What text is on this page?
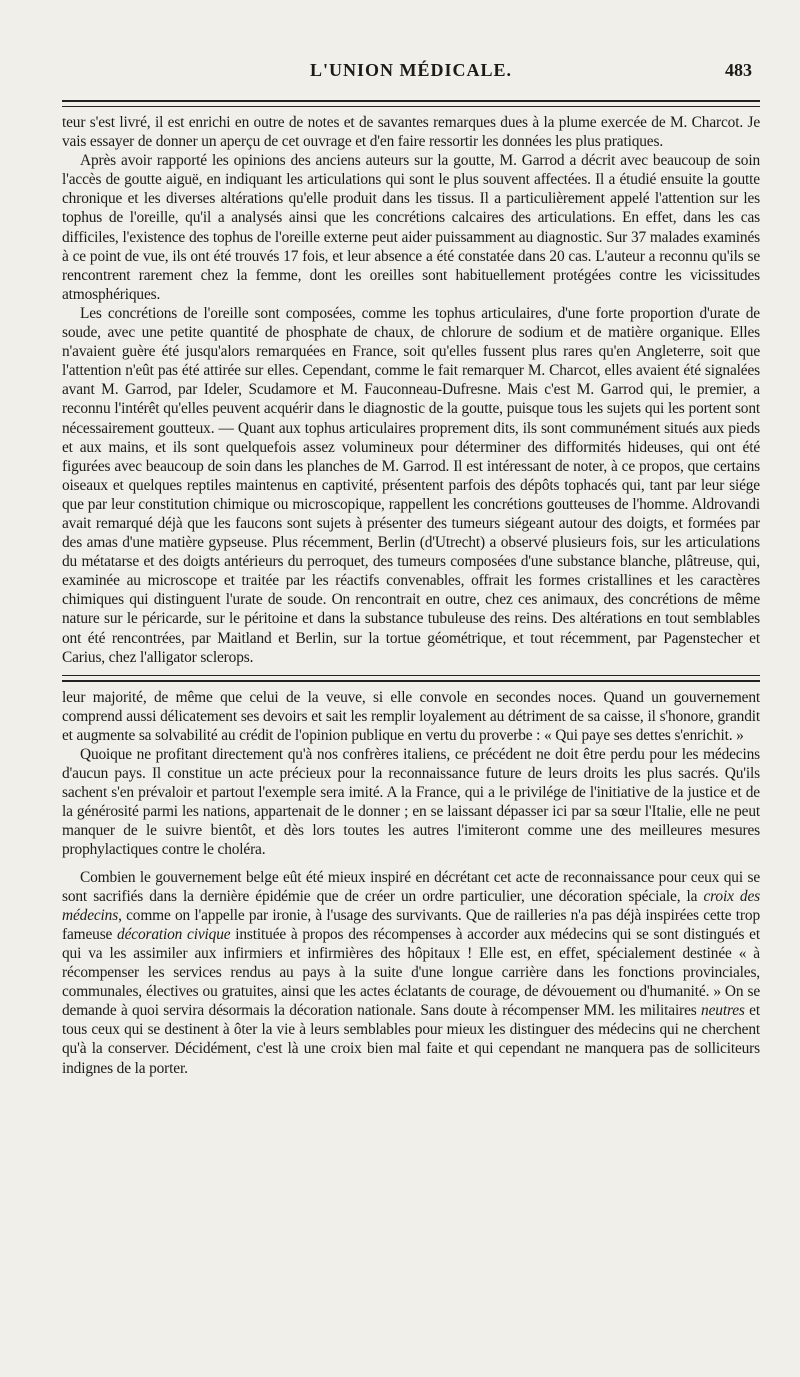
L'UNION MÉDICALE.	483

teur s'est livré, il est enrichi en outre de notes et de savantes remarques dues à la plume exercée de M. Charcot. Je vais essayer de donner un aperçu de cet ouvrage et d'en faire ressortir les données les plus pratiques.

Après avoir rapporté les opinions des anciens auteurs sur la goutte, M. Garrod a décrit avec beaucoup de soin l'accès de goutte aiguë, en indiquant les articulations qui sont le plus souvent affectées. Il a étudié ensuite la goutte chronique et les diverses altérations qu'elle produit dans les tissus. Il a particulièrement appelé l'attention sur les tophus de l'oreille, qu'il a analysés ainsi que les concrétions calcaires des articulations. En effet, dans les cas difficiles, l'existence des tophus de l'oreille externe peut aider puissamment au diagnostic. Sur 37 malades examinés à ce point de vue, ils ont été trouvés 17 fois, et leur absence a été constatée dans 20 cas. L'auteur a reconnu qu'ils se rencontrent rarement chez la femme, dont les oreilles sont habituellement protégées contre les vicissitudes atmosphériques.

Les concrétions de l'oreille sont composées, comme les tophus articulaires, d'une forte proportion d'urate de soude, avec une petite quantité de phosphate de chaux, de chlorure de sodium et de matière organique. Elles n'avaient guère été jusqu'alors remarquées en France, soit qu'elles fussent plus rares qu'en Angleterre, soit que l'attention n'eût pas été attirée sur elles. Cependant, comme le fait remarquer M. Charcot, elles avaient été signalées avant M. Garrod, par Ideler, Scudamore et M. Fauconneau-Dufresne. Mais c'est M. Garrod qui, le premier, a reconnu l'intérêt qu'elles peuvent acquérir dans le diagnostic de la goutte, puisque tous les sujets qui les portent sont nécessairement goutteux. — Quant aux tophus articulaires proprement dits, ils sont communément situés aux pieds et aux mains, et ils sont quelquefois assez volumineux pour déterminer des difformités hideuses, qui ont été figurées avec beaucoup de soin dans les planches de M. Garrod. Il est intéressant de noter, à ce propos, que certains oiseaux et quelques reptiles maintenus en captivité, présentent parfois des dépôts tophacés qui, tant par leur siége que par leur constitution chimique ou microscopique, rappellent les concrétions goutteuses de l'homme. Aldrovandi avait remarqué déjà que les faucons sont sujets à présenter des tumeurs siégeant autour des doigts, et formées par des amas d'une matière gypseuse. Plus récemment, Berlin (d'Utrecht) a observé plusieurs fois, sur les articulations du métatarse et des doigts antérieurs du perroquet, des tumeurs composées d'une substance blanche, plâtreuse, qui, examinée au microscope et traitée par les réactifs convenables, offrait les formes cristallines et les caractères chimiques qui distinguent l'urate de soude. On rencontrait en outre, chez ces animaux, des concrétions de même nature sur le péricarde, sur le péritoine et dans la substance tubuleuse des reins. Des altérations en tout semblables ont été rencontrées, par Maitland et Berlin, sur la tortue géométrique, et tout récemment, par Pagenstecher et Carius, chez l'alligator sclerops.

leur majorité, de même que celui de la veuve, si elle convole en secondes noces. Quand un gouvernement comprend aussi délicatement ses devoirs et sait les remplir loyalement au détriment de sa caisse, il s'honore, grandit et augmente sa solvabilité au crédit de l'opinion publique en vertu du proverbe : « Qui paye ses dettes s'enrichit. »

Quoique ne profitant directement qu'à nos confrères italiens, ce précédent ne doit être perdu pour les médecins d'aucun pays. Il constitue un acte précieux pour la reconnaissance future de leurs droits les plus sacrés. Qu'ils sachent s'en prévaloir et partout l'exemple sera imité. A la France, qui a le privilége de l'initiative de la justice et de la générosité parmi les nations, appartenait de le donner ; en se laissant dépasser ici par sa sœur l'Italie, elle ne peut manquer de le suivre bientôt, et dès lors toutes les autres l'imiteront comme une des meilleures mesures prophylactiques contre le choléra.

Combien le gouvernement belge eût été mieux inspiré en décrétant cet acte de reconnaissance pour ceux qui se sont sacrifiés dans la dernière épidémie que de créer un ordre particulier, une décoration spéciale, la croix des médecins, comme on l'appelle par ironie, à l'usage des survivants. Que de railleries n'a pas déjà inspirées cette trop fameuse décoration civique instituée à propos des récompenses à accorder aux médecins qui se sont distingués et qui va les assimiler aux infirmiers et infirmières des hôpitaux ! Elle est, en effet, spécialement destinée « à récompenser les services rendus au pays à la suite d'une longue carrière dans les fonctions provinciales, communales, électives ou gratuites, ainsi que les actes éclatants de courage, de dévouement ou d'humanité. » On se demande à quoi servira désormais la décoration nationale. Sans doute à récompenser MM. les militaires neutres et tous ceux qui se destinent à ôter la vie à leurs semblables pour mieux les distinguer des médecins qui ne cherchent qu'à la conserver. Décidément, c'est là une croix bien mal faite et qui cependant ne manquera pas de solliciteurs indignes de la porter.
